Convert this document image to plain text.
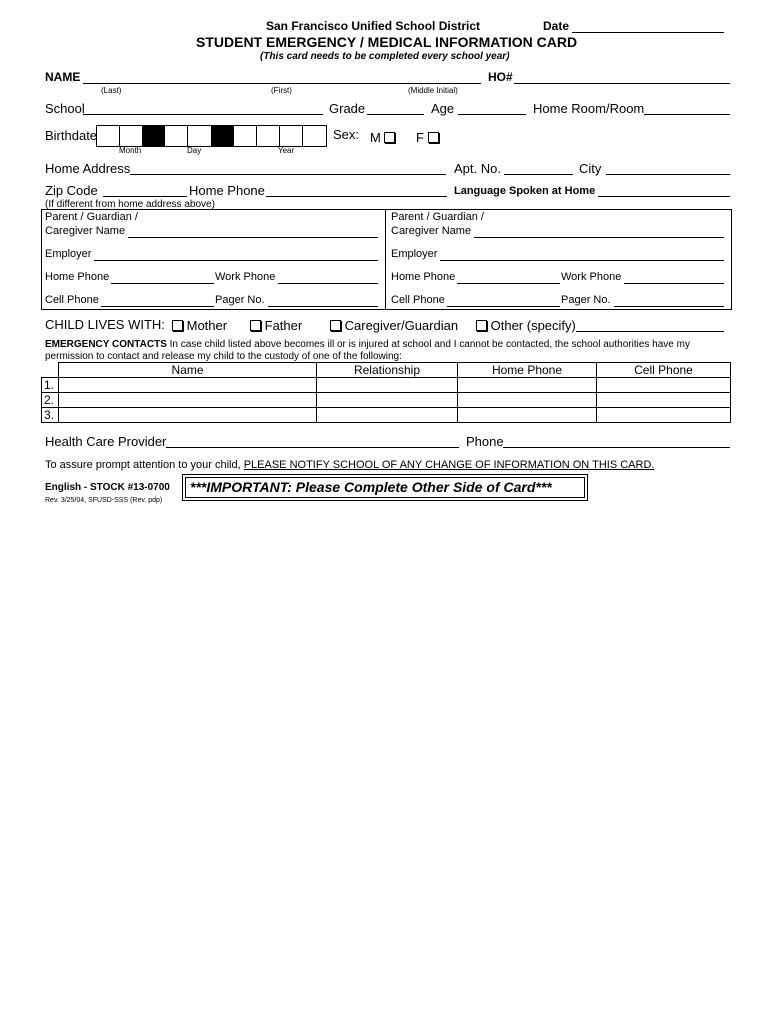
San Francisco Unified School District	Date
STUDENT EMERGENCY / MEDICAL INFORMATION CARD
(This card needs to be completed every school year)
NAME	HO#
(Last)	(First)	(Middle Initial)
School	Grade	Age	Home Room/Room
Birthdate
Month	Day	Year
Sex: M	F
Home Address	Apt. No.	City
Zip Code	Home Phone	Language Spoken at Home
(If different from home address above)
Parent / Guardian /
Caregiver Name
Employer
Home Phone	Work Phone
Cell Phone	Pager No.
Parent / Guardian /
Caregiver Name
Employer
Home Phone	Work Phone
Cell Phone	Pager No.
CHILD LIVES WITH:	Mother	Father	Caregiver/Guardian	Other (specify)
EMERGENCY CONTACTS In case child listed above becomes ill or is injured at school and I cannot be contacted, the school authorities have my
permission to contact and release my child to the custody of one of the following:
	Name	Relationship	Home Phone	Cell Phone
1.				
2.				
3.				
Health Care Provider	Phone
To assure prompt attention to your child, PLEASE NOTIFY SCHOOL OF ANY CHANGE OF INFORMATION ON THIS CARD.
English - STOCK #13-0700
Rev. 3/25/04, SFUSD-SSS (Rev. pdp)
***IMPORTANT: Please Complete Other Side of Card***
